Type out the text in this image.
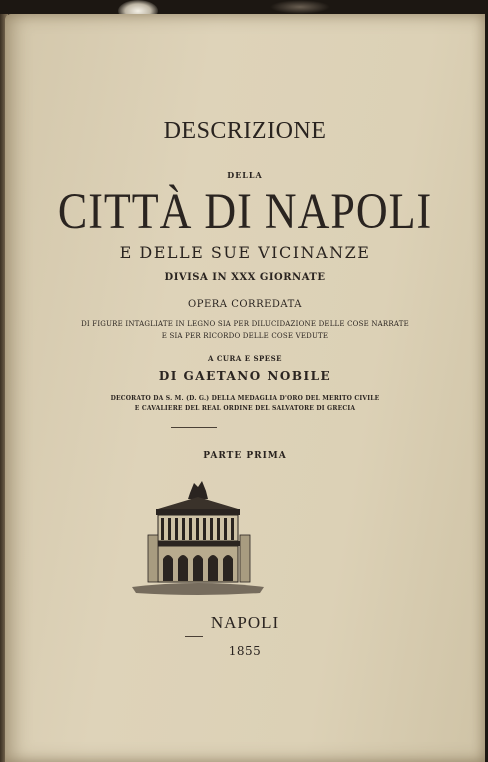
DESCRIZIONE
DELLA
CITTÀ DI NAPOLI
E DELLE SUE VICINANZE
DIVISA IN XXX GIORNATE
OPERA CORREDATA
DI FIGURE INTAGLIATE IN LEGNO SIA PER DILUCIDAZIONE DELLE COSE NARRATE
E SIA PER RICORDO DELLE COSE VEDUTE
A CURA E SPESE
DI GAETANO NOBILE
DECORATO DA S. M. (D. G.) DELLA MEDAGLIA D'ORO DEL MERITO CIVILE
E CAVALIERE DEL REAL ORDINE DEL SALVATORE DI GRECIA
PARTE PRIMA
NAPOLI
1855
